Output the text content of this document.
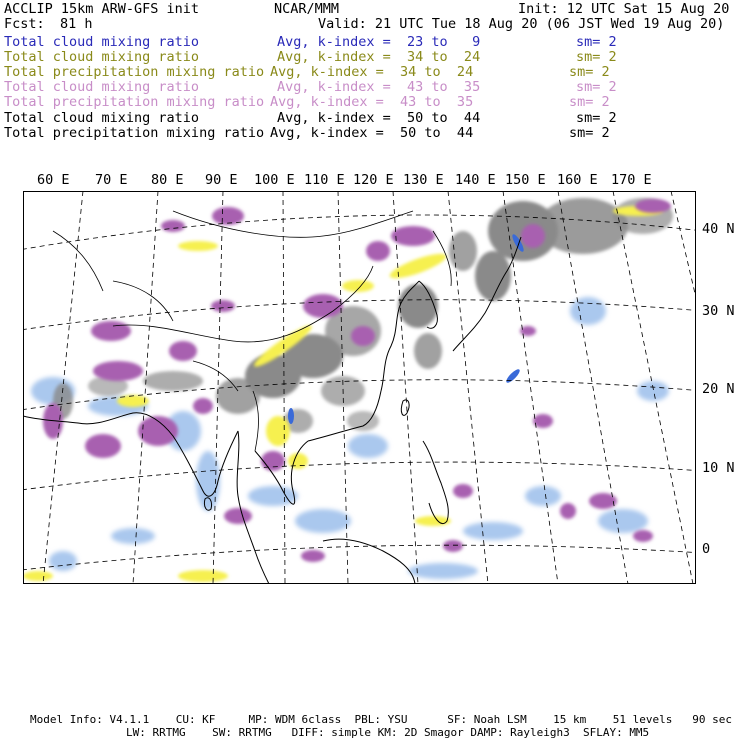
ACCLIP 15km ARW-GFS init	NCAR/MMM	Init: 12 UTC Sat 15 Aug 20
Fcst: 81 h	Valid: 21 UTC Tue 18 Aug 20 (06 JST Wed 19 Aug 20)
Total cloud mixing ratio	Avg, k-index =  23 to   9	sm= 2
Total cloud mixing ratio	Avg, k-index =  34 to  24	sm= 2
Total precipitation mixing ratio Avg, k-index =  34 to  24	sm= 2
Total cloud mixing ratio	Avg, k-index =  43 to  35	sm= 2
Total precipitation mixing ratio Avg, k-index =  43 to  35	sm= 2
Total cloud mixing ratio	Avg, k-index =  50 to  44	sm= 2
Total precipitation mixing ratio Avg, k-index =  50 to  44	sm= 2
60 E 70 E 80 E 90 E 100 E 110 E 120 E 130 E 140 E 150 E 160 E 170 E
40 N
30 N
20 N
10 N
0
Model Info: V4.1.1    CU: KF     MP: WDM 6class  PBL: YSU      SF: Noah LSM    15 km    51 levels   90 sec
LW: RRTMG    SW: RRTMG   DIFF: simple KM: 2D Smagor DAMP: Rayleigh3  SFLAY: MM5
